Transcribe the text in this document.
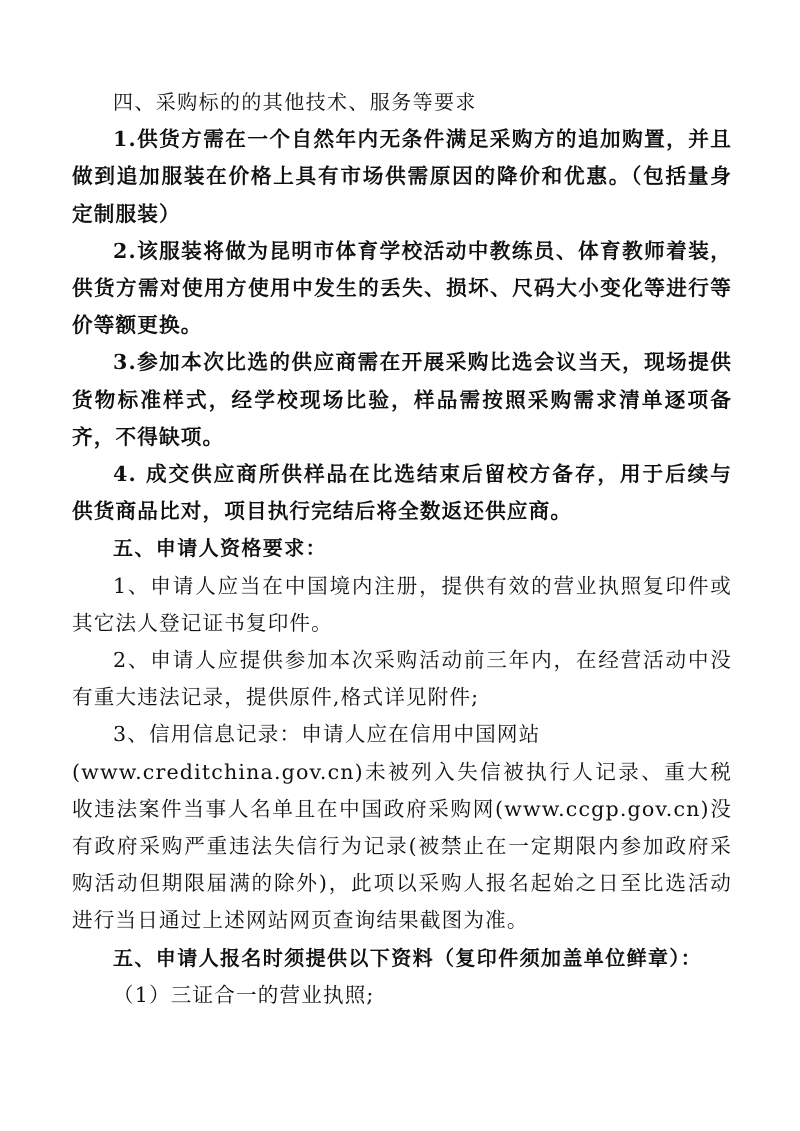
四、采购标的的其他技术、服务等要求

1.供货方需在一个自然年内无条件满足采购方的追加购置，并且做到追加服装在价格上具有市场供需原因的降价和优惠。（包括量身定制服装）

2.该服装将做为昆明市体育学校活动中教练员、体育教师着装，供货方需对使用方使用中发生的丢失、损坏、尺码大小变化等进行等价等额更换。

3.参加本次比选的供应商需在开展采购比选会议当天，现场提供货物标准样式，经学校现场比验，样品需按照采购需求清单逐项备齐，不得缺项。

4. 成交供应商所供样品在比选结束后留校方备存，用于后续与供货商品比对，项目执行完结后将全数返还供应商。

五、申请人资格要求：

1、申请人应当在中国境内注册，提供有效的营业执照复印件或其它法人登记证书复印件。

2、申请人应提供参加本次采购活动前三年内，在经营活动中没有重大违法记录，提供原件,格式详见附件;

3、信用信息记录：申请人应在信用中国网站

(www.creditchina.gov.cn)未被列入失信被执行人记录、重大税收违法案件当事人名单且在中国政府采购网(www.ccgp.gov.cn)没有政府采购严重违法失信行为记录(被禁止在一定期限内参加政府采购活动但期限届满的除外)，此项以采购人报名起始之日至比选活动进行当日通过上述网站网页查询结果截图为准。

五、申请人报名时须提供以下资料（复印件须加盖单位鲜章）：

（1）三证合一的营业执照;
